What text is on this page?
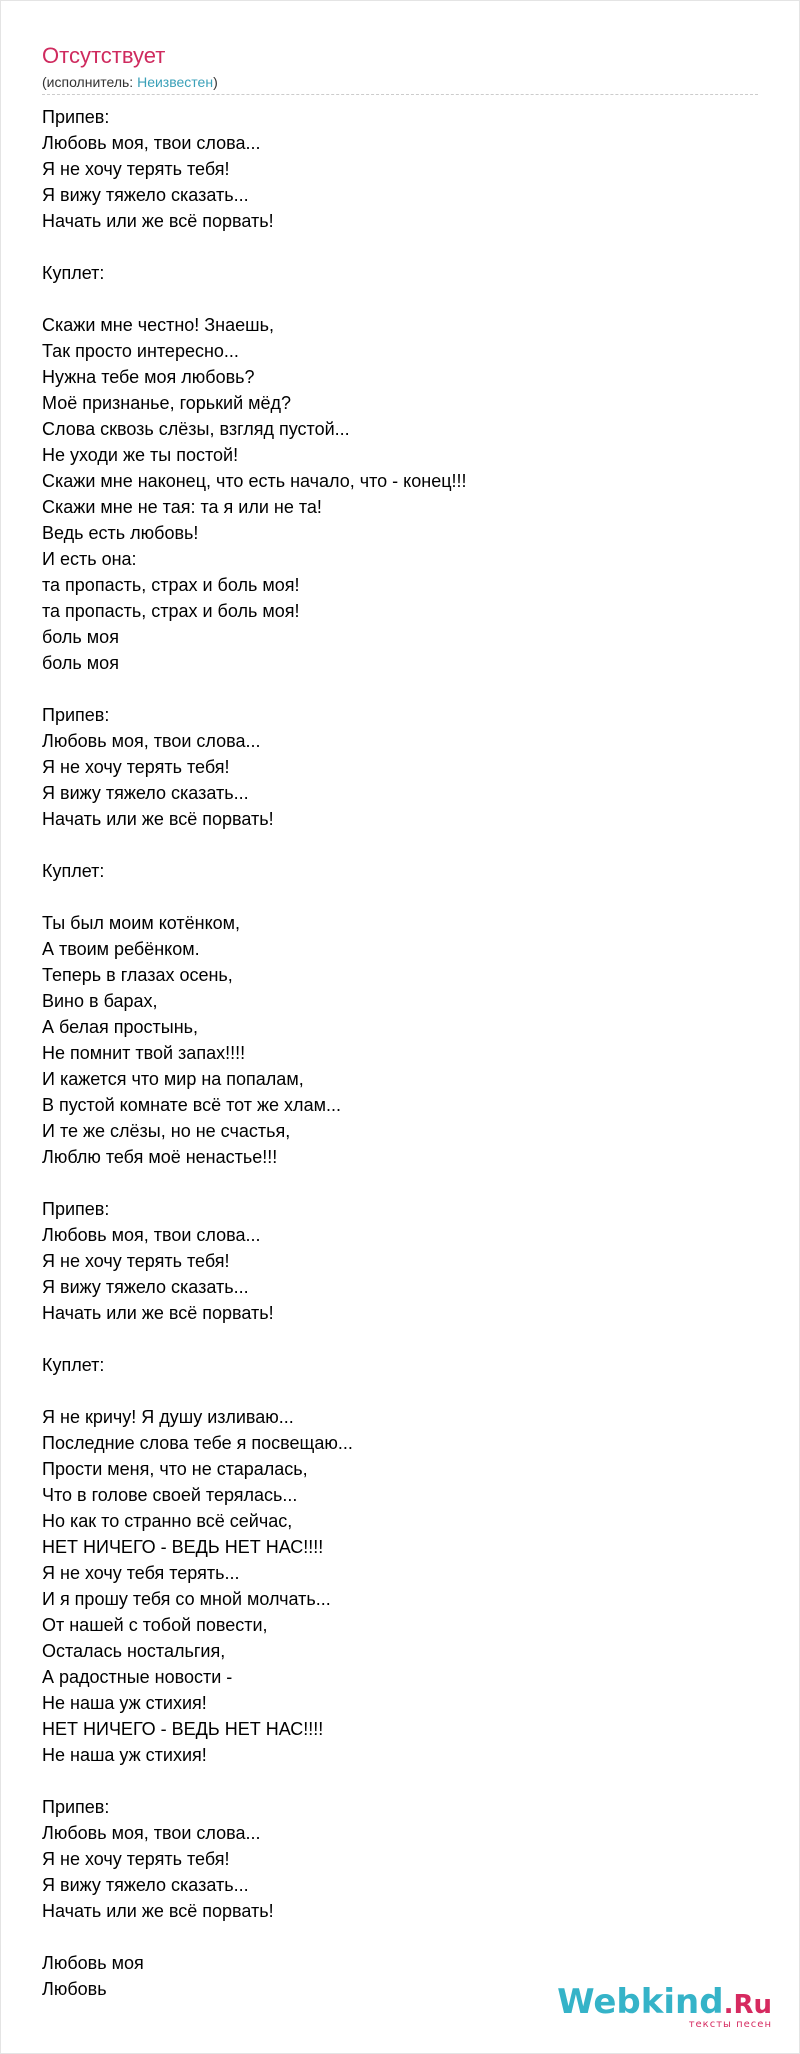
Отсутствует
(исполнитель: Неизвестен)
Припев:
Любовь моя, твои слова...
Я не хочу терять тебя!
Я вижу тяжело сказать...
Начать или же всё порвать!
Куплет:
Скажи мне честно! Знаешь,
Так просто интересно...
Нужна тебе моя любовь?
Моё признанье, горький мёд?
Слова сквозь слёзы, взгляд пустой...
Не уходи же ты постой!
Скажи мне наконец, что есть начало, что - конец!!!
Скажи мне не тая: та я или не та!
Ведь есть любовь!
И есть она:
та пропасть, страх и боль моя!
та пропасть, страх и боль моя!
боль моя
боль моя
Припев:
Любовь моя, твои слова...
Я не хочу терять тебя!
Я вижу тяжело сказать...
Начать или же всё порвать!
Куплет:
Ты был моим котёнком,
А твоим ребёнком.
Теперь в глазах осень,
Вино в барах,
А белая простынь,
Не помнит твой запах!!!!
И кажется что мир на попалам,
В пустой комнате всё тот же хлам...
И те же слёзы, но не счастья,
Люблю тебя моё ненастье!!!
Припев:
Любовь моя, твои слова...
Я не хочу терять тебя!
Я вижу тяжело сказать...
Начать или же всё порвать!
Куплет:
Я не кричу! Я душу изливаю...
Последние слова тебе я посвещаю...
Прости меня, что не старалась,
Что в голове своей терялась...
Но как то странно всё сейчас,
НЕТ НИЧЕГО - ВЕДЬ НЕТ НАС!!!!
Я не хочу тебя терять...
И я прошу тебя со мной молчать...
От нашей с тобой повести,
Осталась ностальгия,
А радостные новости -
Не наша уж стихия!
НЕТ НИЧЕГО - ВЕДЬ НЕТ НАС!!!!
Не наша уж стихия!
Припев:
Любовь моя, твои слова...
Я не хочу терять тебя!
Я вижу тяжело сказать...
Начать или же всё порвать!
Любовь моя
Любовь	Webkind.Ru
тексты песен
